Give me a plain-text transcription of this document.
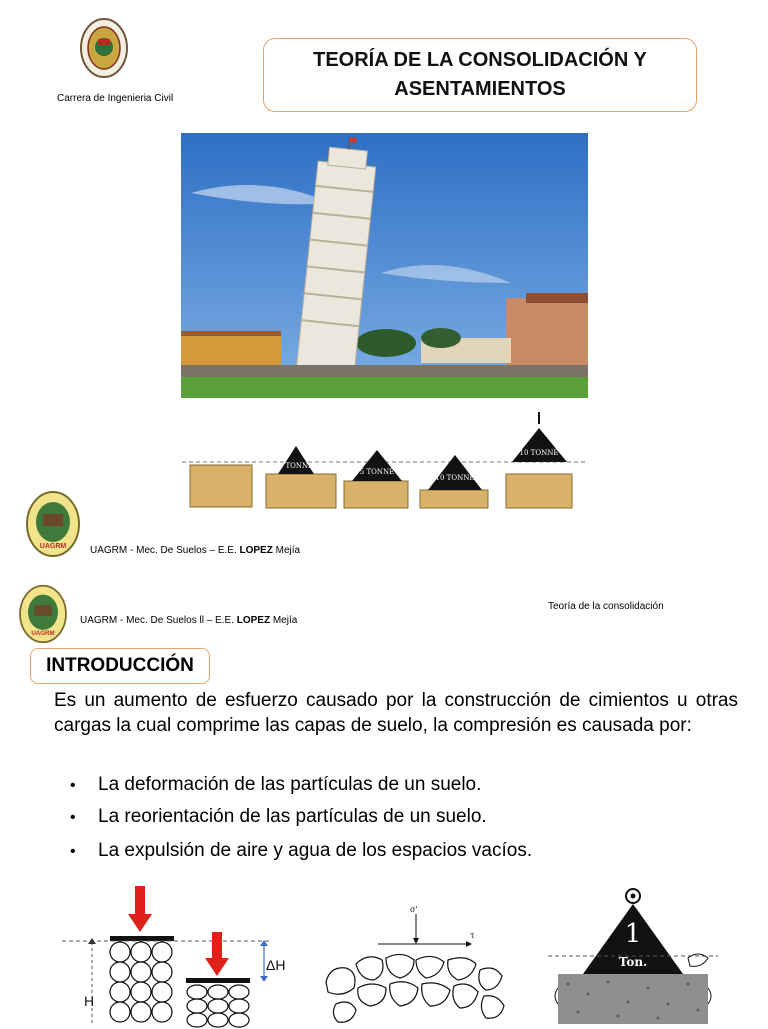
Carrera de Ingenieria Civil
TEORÍA DE LA CONSOLIDACIÓN Y
ASENTAMIENTOS
1 TONNE
5 TONNE
10 TONNE
10 TONNE
UAGRM UAGRM - Mec. De Suelos – E.E. LOPEZ Mejía
UAGRM
UAGRM - Mec. De Suelos ll – E.E. LOPEZ Mejía
Teoría de la consolidación
INTRODUCCIÓN
Es un aumento de esfuerzo causado por la construcción de cimientos u otras cargas la cual comprime las capas de suelo, la compresión es causada por:
• La deformación de las partículas de un suelo.
• La reorientación de las partículas de un suelo.
• La expulsión de aire y agua de los espacios vacíos.
H
ΔH
σ'
τ	1
Ton.
